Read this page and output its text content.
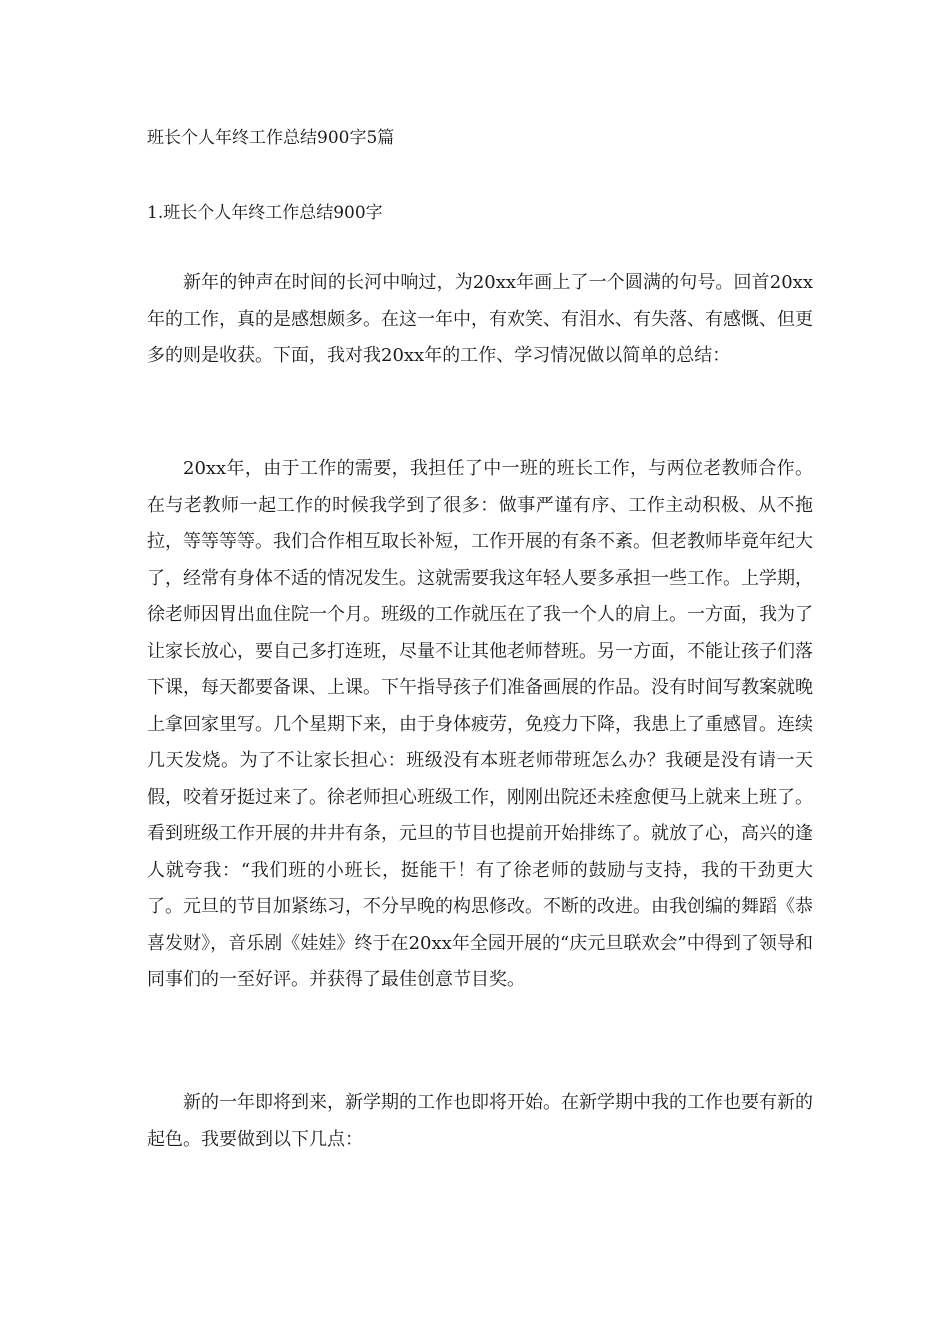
班长个人年终工作总结900字5篇
1.班长个人年终工作总结900字

新年的钟声在时间的长河中响过，为20xx年画上了一个圆满的句号。回首20xx年的工作，真的是感想颇多。在这一年中，有欢笑、有泪水、有失落、有感慨、但更多的则是收获。下面，我对我20xx年的工作、学习情况做以简单的总结：

20xx年，由于工作的需要，我担任了中一班的班长工作，与两位老教师合作。在与老教师一起工作的时候我学到了很多：做事严谨有序、工作主动积极、从不拖拉，等等等等。我们合作相互取长补短，工作开展的有条不紊。但老教师毕竟年纪大了，经常有身体不适的情况发生。这就需要我这年轻人要多承担一些工作。上学期，徐老师因胃出血住院一个月。班级的工作就压在了我一个人的肩上。一方面，我为了让家长放心，要自己多打连班，尽量不让其他老师替班。另一方面，不能让孩子们落下课，每天都要备课、上课。下午指导孩子们准备画展的作品。没有时间写教案就晚上拿回家里写。几个星期下来，由于身体疲劳，免疫力下降，我患上了重感冒。连续几天发烧。为了不让家长担心：班级没有本班老师带班怎么办？我硬是没有请一天假，咬着牙挺过来了。徐老师担心班级工作，刚刚出院还未痊愈便马上就来上班了。看到班级工作开展的井井有条，元旦的节目也提前开始排练了。就放了心，高兴的逢人就夸我：“我们班的小班长，挺能干！有了徐老师的鼓励与支持，我的干劲更大了。元旦的节目加紧练习，不分早晚的构思修改。不断的改进。由我创编的舞蹈《恭喜发财》，音乐剧《娃娃》终于在20xx年全园开展的“庆元旦联欢会”中得到了领导和同事们的一至好评。并获得了最佳创意节目奖。

新的一年即将到来，新学期的工作也即将开始。在新学期中我的工作也要有新的起色。我要做到以下几点：
